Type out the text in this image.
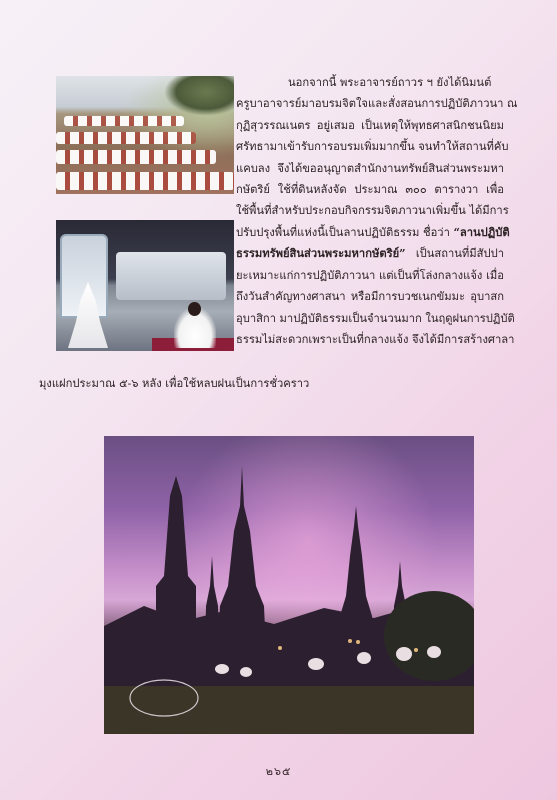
นอกจากนี้ พระอาจารย์ถาวร ฯ ยังได้นิมนต์
ครูบาอาจารย์มาอบรมจิตใจและสั่งสอนการปฏิบัติภาวนา ณ
กุฏิสุวรรณเนตร อยู่เสมอ เป็นเหตุให้พุทธศาสนิกชนนิยม
ศรัทธามาเข้ารับการอบรมเพิ่มมากขึ้น จนทำให้สถานที่คับ
แคบลง จึงได้ขออนุญาตสำนักงานทรัพย์สินส่วนพระมหา
กษัตริย์ ใช้ที่ดินหลังจัด ประมาณ ๓๐๐ ตารางวา เพื่อ
ใช้พื้นที่สำหรับประกอบกิจกรรมจิตภาวนาเพิ่มขึ้น ได้มีการ
ปรับปรุงพื้นที่แห่งนี้เป็นลานปฏิบัติธรรม ชื่อว่า “ลานปฏิบัติ
ธรรมทรัพย์สินส่วนพระมหากษัตริย์” เป็นสถานที่มีสัปปา
ยะเหมาะแก่การปฏิบัติภาวนา แต่เป็นที่โล่งกลางแจ้ง เมื่อ
ถึงวันสำคัญทางศาสนา หรือมีการบวชเนกขัมมะ อุบาสก
อุบาสิกา มาปฏิบัติธรรมเป็นจำนวนมาก ในฤดูฝนการปฏิบัติ
ธรรมไม่สะดวกเพราะเป็นที่กลางแจ้ง จึงได้มีการสร้างศาลา
มุงแฝกประมาณ ๕-๖ หลัง เพื่อใช้หลบฝนเป็นการชั่วคราว
๒๖๕
